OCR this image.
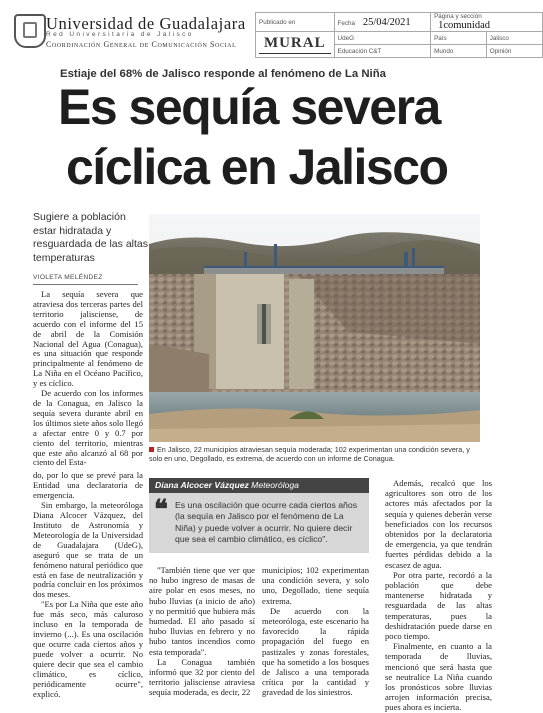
Universidad de Guadalajara
Red Universitaria de Jalisco
Coordinación General de Comunicación Social
Publicado en	Fecha 25/04/2021	Página y sección 1comunidad	

MURAL	UdeG	País	Jalisco
	Educación C&T	Mundo	Opinión
Estiaje del 68% de Jalisco responde al fenómeno de La Niña
Es sequía severa
cíclica en Jalisco
Sugiere a población estar hidratada y resguardada de las altas temperaturas
VIOLETA MELÉNDEZ

La sequía severa que atraviesa dos terceras partes del territorio jalisciense, de acuerdo con el informe del 15 de abril de la Comisión Nacional del Agua (Conagua), es una situación que responde principalmente al fenómeno de La Niña en el Océano Pacífico, y es cíclico.

De acuerdo con los informes de la Conagua, en Jalisco la sequía severa durante abril en los últimos siete años solo llegó a afectar entre 0 y 0.7 por ciento del territorio, mientras que este año alcanzó al 68 por ciento del Esta-

do, por lo que se prevé para la Entidad una declaratoria de emergencia.

Sin embargo, la meteoróloga Diana Alcocer Vázquez, del Instituto de Astronomía y Meteorología de la Universidad de Guadalajara (UdeG), aseguró que se trata de un fenómeno natural periódico que está en fase de neutralización y podría concluir en los próximos dos meses.

"Es por La Niña que este año fue más seco, más caluroso incluso en la temporada de invierno (...). Es una oscilación que ocurre cada ciertos años y puede volver a ocurrir. No quiere decir que sea el cambio climático, es cíclico, periódicamente ocurre", explicó.

En Jalisco, 22 municipios atraviesan sequía moderada; 102 experimentan una condición severa, y solo en uno, Degollado, es extrema, de acuerdo con un informe de Conagua.
Diana Alcocer Vázquez Meteoróloga
❝ Es una oscilación que ocurre cada ciertos años (la sequía en Jalisco por el fenómeno de La Niña) y puede volver a ocurrir. No quiere decir que sea el cambio climático, es cíclico".

"También tiene que ver que no hubo ingreso de masas de aire polar en esos meses, no hubo lluvias (a inicio de año) y no permitió que hubiera más humedad. El año pasado sí hubo lluvias en febrero y no hubo tantos incendios como esta temporada".

La Conagua también informó que 32 por ciento del territorio jalisciense atraviesa sequía moderada, es decir, 22

municipios; 102 experimentan una condición severa, y solo uno, Degollado, tiene sequía extrema.

De acuerdo con la meteoróloga, este escenario ha favorecido la rápida propagación del fuego en pastizales y zonas forestales, que ha sometido a los bosques de Jalisco a una temporada crítica por la cantidad y gravedad de los siniestros.

Además, recalcó que los agricultores son otro de los actores más afectados por la sequía y quienes deberán verse beneficiados con los recursos obtenidos por la declaratoria de emergencia, ya que tendrán fuertes pérdidas debido a la escasez de agua.

Por otra parte, recordó a la población que debe mantenerse hidratada y resguardada de las altas temperaturas, pues la deshidratación puede darse en poco tiempo.

Finalmente, en cuanto a la temporada de lluvias, mencionó que será hasta que se neutralice La Niña cuando los pronósticos sobre lluvias arrojen información precisa, pues ahora es incierta.
